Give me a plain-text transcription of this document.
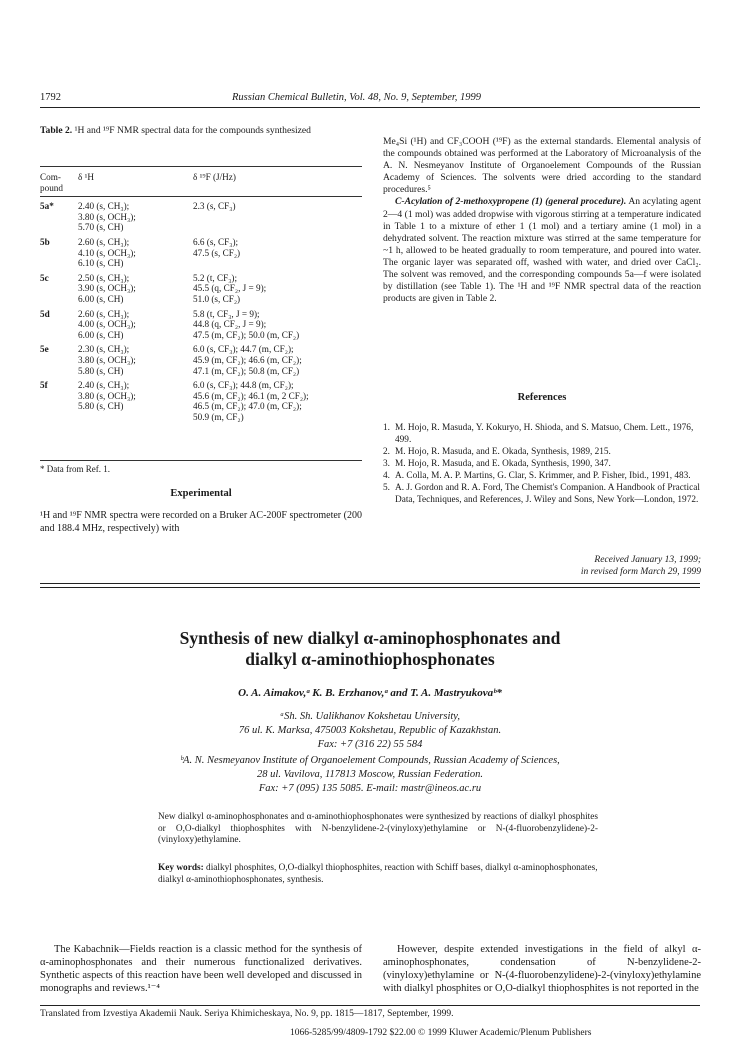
1792	Russian Chemical Bulletin, Vol. 48, No. 9, September, 1999
Table 2. ¹H and ¹⁹F NMR spectral data for the compounds synthesized
Com-
pound	δ ¹H	δ ¹⁹F (J/Hz)
5a*	2.40 (s, CH₃);
3.80 (s, OCH₃);
5.70 (s, CH)	2.3 (s, CF₃)

5b	2.60 (s, CH₃);
4.10 (s, OCH₃);
6.10 (s, CH)	6.6 (s, CF₃);
47.5 (s, CF₂)

5c	2.50 (s, CH₃);
3.90 (s, OCH₃);
6.00 (s, CH)	5.2 (t, CF₃);
45.5 (q, CF₂, J = 9);
51.0 (s, CF₂)

5d	2.60 (s, CH₃);
4.00 (s, OCH₃);
6.00 (s, CH)	5.8 (t, CF₃, J = 9);
44.8 (q, CF₂, J = 9);
47.5 (m, CF₂); 50.0 (m, CF₂)

5e	2.30 (s, CH₃);
3.80 (s, OCH₃);
5.80 (s, CH)	6.0 (s, CF₃); 44.7 (m, CF₂);
45.9 (m, CF₂); 46.6 (m, CF₂);
47.1 (m, CF₂); 50.8 (m, CF₂)

5f	2.40 (s, CH₃);
3.80 (s, OCH₃);
5.80 (s, CH)	6.0 (s, CF₃); 44.8 (m, CF₂);
45.6 (m, CF₂); 46.1 (m, 2 CF₂);
46.5 (m, CF₂); 47.0 (m, CF₂);
50.9 (m, CF₂)
* Data from Ref. 1.
Experimental
¹H and ¹⁹F NMR spectra were recorded on a Bruker AC-200F spectrometer (200 and 188.4 MHz, respectively) with
Me₄Si (¹H) and CF₃COOH (¹⁹F) as the external standards. Elemental analysis of the compounds obtained was performed at the Laboratory of Microanalysis of the A. N. Nesmeyanov Institute of Organoelement Compounds of the Russian Academy of Sciences. The solvents were dried according to the standard procedures.⁵
C-Acylation of 2-methoxypropene (1) (general procedure). An acylating agent 2—4 (1 mol) was added dropwise with vigorous stirring at a temperature indicated in Table 1 to a mixture of ether 1 (1 mol) and a tertiary amine (1 mol) in a dehydrated solvent. The reaction mixture was stirred at the same temperature for ~1 h, allowed to be heated gradually to room temperature, and poured into water. The organic layer was separated off, washed with water, and dried over CaCl₂. The solvent was removed, and the corresponding compounds 5a—f were isolated by distillation (see Table 1). The ¹H and ¹⁹F NMR spectral data of the reaction products are given in Table 2.
References
1. M. Hojo, R. Masuda, Y. Kokuryo, H. Shioda, and S. Matsuo, Chem. Lett., 1976, 499.
2. M. Hojo, R. Masuda, and E. Okada, Synthesis, 1989, 215.
3. M. Hojo, R. Masuda, and E. Okada, Synthesis, 1990, 347.
4. A. Colla, M. A. P. Martins, G. Clar, S. Krimmer, and P. Fisher, Ibid., 1991, 483.
5. A. J. Gordon and R. A. Ford, The Chemist's Companion. A Handbook of Practical Data, Techniques, and References, J. Wiley and Sons, New York—London, 1972.
Received January 13, 1999;
in revised form March 29, 1999
Synthesis of new dialkyl α-aminophosphonates and
dialkyl α-aminothiophosphonates
O. A. Aimakov,ᵃ K. B. Erzhanov,ᵃ and T. A. Mastryukovaᵇ*
ᵃSh. Sh. Ualikhanov Kokshetau University,
76 ul. K. Marksa, 475003 Kokshetau, Republic of Kazakhstan.
Fax: +7 (316 22) 55 584
ᵇA. N. Nesmeyanov Institute of Organoelement Compounds, Russian Academy of Sciences,
28 ul. Vavilova, 117813 Moscow, Russian Federation.
Fax: +7 (095) 135 5085. E-mail: mastr@ineos.ac.ru
New dialkyl α-aminophosphonates and α-aminothiophosphonates were synthesized by reactions of dialkyl phosphites or O,O-dialkyl thiophosphites with N-benzylidene-2-(vinyloxy)ethylamine or N-(4-fluorobenzylidene)-2-(vinyloxy)ethylamine.
Key words: dialkyl phosphites, O,O-dialkyl thiophosphites, reaction with Schiff bases, dialkyl α-aminophosphonates, dialkyl α-aminothiophosphonates, synthesis.
The Kabachnik—Fields reaction is a classic method for the synthesis of α-aminophosphonates and their numerous functionalized derivatives. Synthetic aspects of this reaction have been well developed and discussed in monographs and reviews.¹⁻⁴
However, despite extended investigations in the field of alkyl α-aminophosphonates, condensation of N-benzylidene-2-(vinyloxy)ethylamine or N-(4-fluorobenzylidene)-2-(vinyloxy)ethylamine with dialkyl phosphites or O,O-dialkyl thiophosphites is not reported in the
Translated from Izvestiya Akademii Nauk. Seriya Khimicheskaya, No. 9, pp. 1815—1817, September, 1999.
1066-5285/99/4809-1792 $22.00 © 1999 Kluwer Academic/Plenum Publishers
